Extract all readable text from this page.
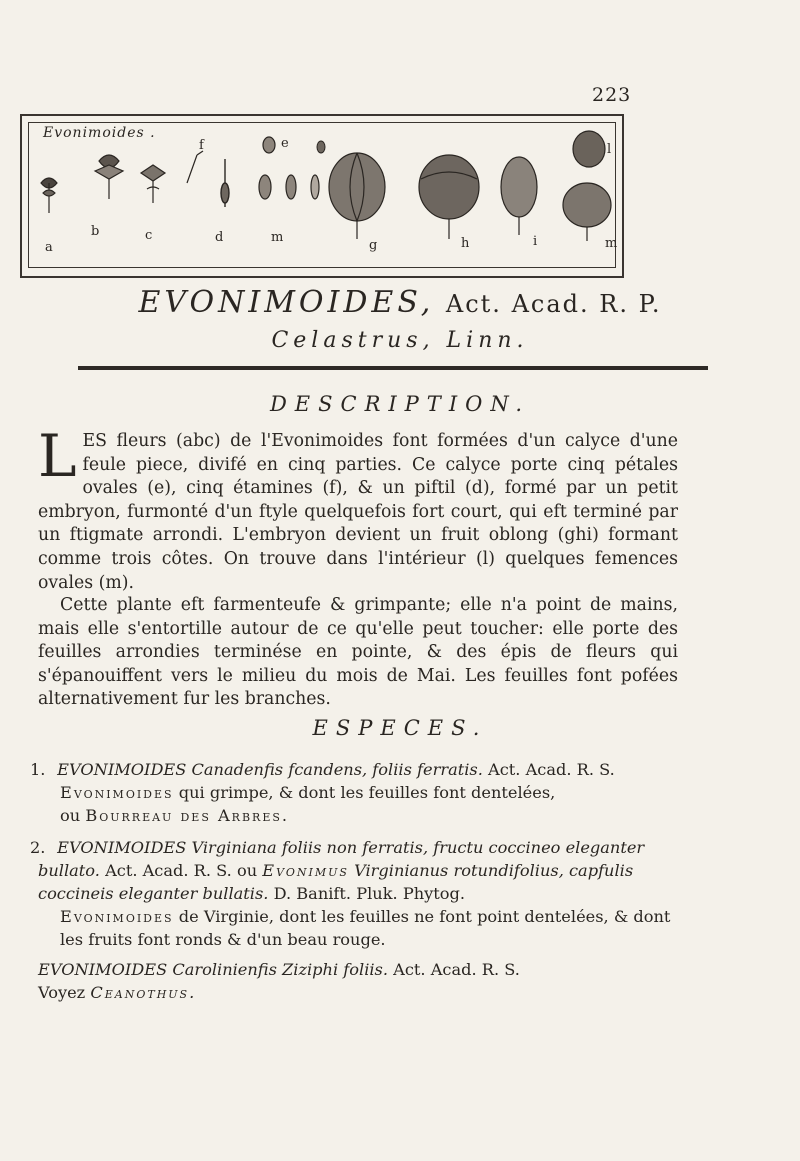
223
a
b	c
f
d
e
m
g	h	i
l
m
Evonimoides .
EVONIMOIDES, Act. Acad. R. P.
Celastrus, Linn.
DESCRIPTION.
LES fleurs (abc) de l'Evonimoides font formées d'un calyce d'une feule piece, divifé en cinq parties. Ce calyce porte cinq pétales ovales (e), cinq étamines (f), & un piftil (d), formé par un petit embryon, furmonté d'un ftyle quelquefois fort court, qui eft terminé par un ftigmate arrondi. L'embryon devient un fruit oblong (ghi) formant comme trois côtes. On trouve dans l'intérieur (l) quelques femences ovales (m).
Cette plante eft farmenteufe & grimpante; elle n'a point de mains, mais elle s'entortille autour de ce qu'elle peut toucher: elle porte des feuilles arrondies terminése en pointe, & des épis de fleurs qui s'épanouiffent vers le milieu du mois de Mai. Les feuilles font pofées alternativement fur les branches.
ESPECES.
1. EVONIMOIDES Canadenfis fcandens, foliis ferratis. Act. Acad. R. S.
Evonimoides qui grimpe, & dont les feuilles font dentelées,
ou Bourreau des Arbres.
2. EVONIMOIDES Virginiana foliis non ferratis, fructu coccineo eleganter bullato. Act. Acad. R. S. ou Evonimus Virginianus rotundifolius, capfulis coccineis eleganter bullatis. D. Banift. Pluk. Phytog.
Evonimoides de Virginie, dont les feuilles ne font point dentelées, & dont les fruits font ronds & d'un beau rouge.
EVONIMOIDES Carolinienfis Ziziphi foliis. Act. Acad. R. S.
Voyez Ceanothus.
